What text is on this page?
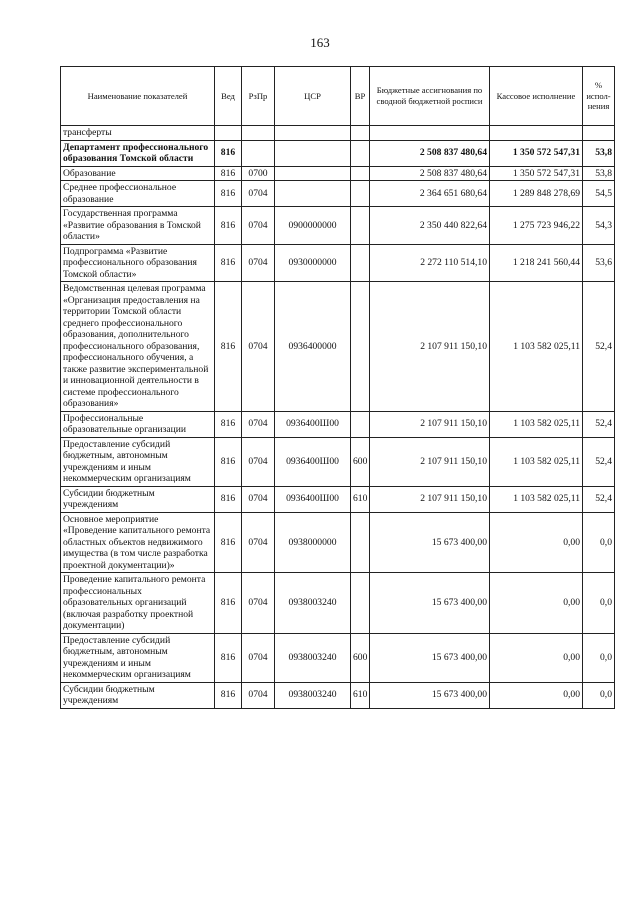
163
Наименование показателей	Вед	РзПр	ЦСР	ВР	Бюджетные ассигнования по сводной бюджетной росписи	Кассовое исполнение	% испол-нения
трансферты							
Департамент профессионального образования Томской области	816				2 508 837 480,64	1 350 572 547,31	53,8
Образование	816	0700			2 508 837 480,64	1 350 572 547,31	53,8
Среднее профессиональное образование	816	0704			2 364 651 680,64	1 289 848 278,69	54,5
Государственная программа «Развитие образования в Томской области»	816	0704	0900000000		2 350 440 822,64	1 275 723 946,22	54,3
Подпрограмма «Развитие профессионального образования Томской области»	816	0704	0930000000		2 272 110 514,10	1 218 241 560,44	53,6
Ведомственная целевая программа «Организация предоставления на территории Томской области среднего профессионального образования, дополнительного профессионального образования, профессионального обучения, а также развитие экспериментальной и инновационной деятельности в системе профессионального образования»	816	0704	0936400000		2 107 911 150,10	1 103 582 025,11	52,4
Профессиональные образовательные организации	816	0704	0936400Ш00		2 107 911 150,10	1 103 582 025,11	52,4
Предоставление субсидий бюджетным, автономным учреждениям и иным некоммерческим организациям	816	0704	0936400Ш00	600	2 107 911 150,10	1 103 582 025,11	52,4
Субсидии бюджетным учреждениям	816	0704	0936400Ш00	610	2 107 911 150,10	1 103 582 025,11	52,4
Основное мероприятие «Проведение капитального ремонта областных объектов недвижимого имущества (в том числе разработка проектной документации)»	816	0704	0938000000		15 673 400,00	0,00	0,0
Проведение капитального ремонта профессиональных образовательных организаций (включая разработку проектной документации)	816	0704	0938003240		15 673 400,00	0,00	0,0
Предоставление субсидий бюджетным, автономным учреждениям и иным некоммерческим организациям	816	0704	0938003240	600	15 673 400,00	0,00	0,0
Субсидии бюджетным учреждениям	816	0704	0938003240	610	15 673 400,00	0,00	0,0
